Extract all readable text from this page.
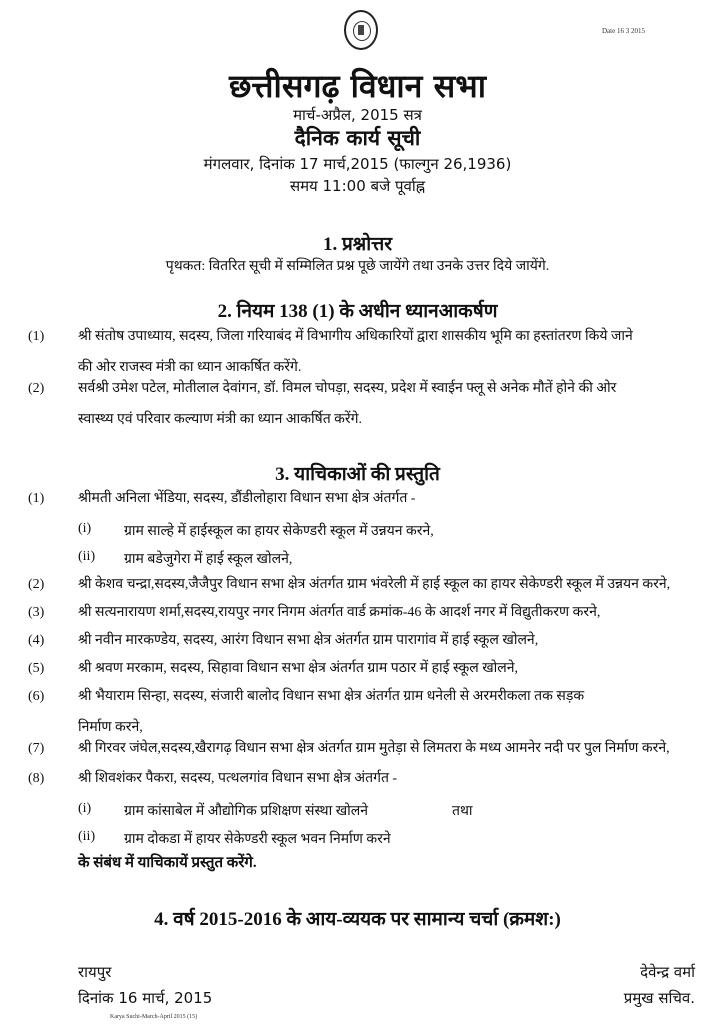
Date 16 3 2015
छत्तीसगढ़ विधान सभा
मार्च-अप्रैल, 2015 सत्र
दैनिक कार्य सूची
मंगलवार, दिनांक 17 मार्च,2015 (फाल्गुन 26,1936)
समय 11:00 बजे पूर्वाह्न
1. प्रश्नोत्तर
पृथकत: वितरित सूची में सम्मिलित प्रश्न पूछे जायेंगे तथा उनके उत्तर दिये जायेंगे.
2. नियम 138 (1) के अधीन ध्यानआकर्षण
(1) श्री संतोष उपाध्याय, सदस्य, जिला गरियाबंद में विभागीय अधिकारियों द्वारा शासकीय भूमि का हस्तांतरण किये जाने
की ओर राजस्व मंत्री का ध्यान आकर्षित करेंगे.
(2) सर्वश्री उमेश पटेल, मोतीलाल देवांगन, डॉ. विमल चोपड़ा, सदस्य, प्रदेश में स्वाईन फ्लू से अनेक मौतें होने की ओर
स्वास्थ्य एवं परिवार कल्याण मंत्री का ध्यान आकर्षित करेंगे.
3. याचिकाओं की प्रस्तुति
(1) श्रीमती अनिला भेंडिया, सदस्य, डौंडीलोहारा विधान सभा क्षेत्र अंतर्गत -
(i) ग्राम साल्हे में हाईस्कूल का हायर सेकेण्डरी स्कूल में उन्नयन करने,
(ii) ग्राम बडेजुगेरा में हाई स्कूल खोलने,
(2) श्री केशव चन्द्रा,सदस्य,जैजैपुर विधान सभा क्षेत्र अंतर्गत ग्राम भंवरेली में हाई स्कूल का हायर सेकेण्डरी स्कूल में उन्नयन करने,
(3) श्री सत्यनारायण शर्मा,सदस्य,रायपुर नगर निगम अंतर्गत वार्ड क्रमांक-46 के आदर्श नगर में विद्युतीकरण करने,
(4) श्री नवीन मारकण्डेय, सदस्य, आरंग विधान सभा क्षेत्र अंतर्गत ग्राम पारागांव में हाई स्कूल खोलने,
(5) श्री श्रवण मरकाम, सदस्य, सिहावा विधान सभा क्षेत्र अंतर्गत ग्राम पठार में हाई स्कूल खोलने,
(6) श्री भैयाराम सिन्हा, सदस्य, संजारी बालोद विधान सभा क्षेत्र अंतर्गत ग्राम धनेली से अरमरीकला तक सड़क
निर्माण करने,
(7) श्री गिरवर जंघेल,सदस्य,खैरागढ़ विधान सभा क्षेत्र अंतर्गत ग्राम मुतेड़ा से लिमतरा के मध्य आमनेर नदी पर पुल निर्माण करने,
(8) श्री शिवशंकर पैकरा, सदस्य, पत्थलगांव विधान सभा क्षेत्र अंतर्गत -
(i) ग्राम कांसाबेल में औद्योगिक प्रशिक्षण संस्था खोलने	तथा
(ii) ग्राम दोकडा में हायर सेकेण्डरी स्कूल भवन निर्माण करने
के संबंध में याचिकायें प्रस्तुत करेंगे.
4. वर्ष 2015-2016 के आय-व्ययक पर सामान्य चर्चा (क्रमश:)
रायपुर
दिनांक 16 मार्च, 2015
देवेन्द्र वर्मा
प्रमुख सचिव.
Karya Suchi-March-April 2015 (15)
